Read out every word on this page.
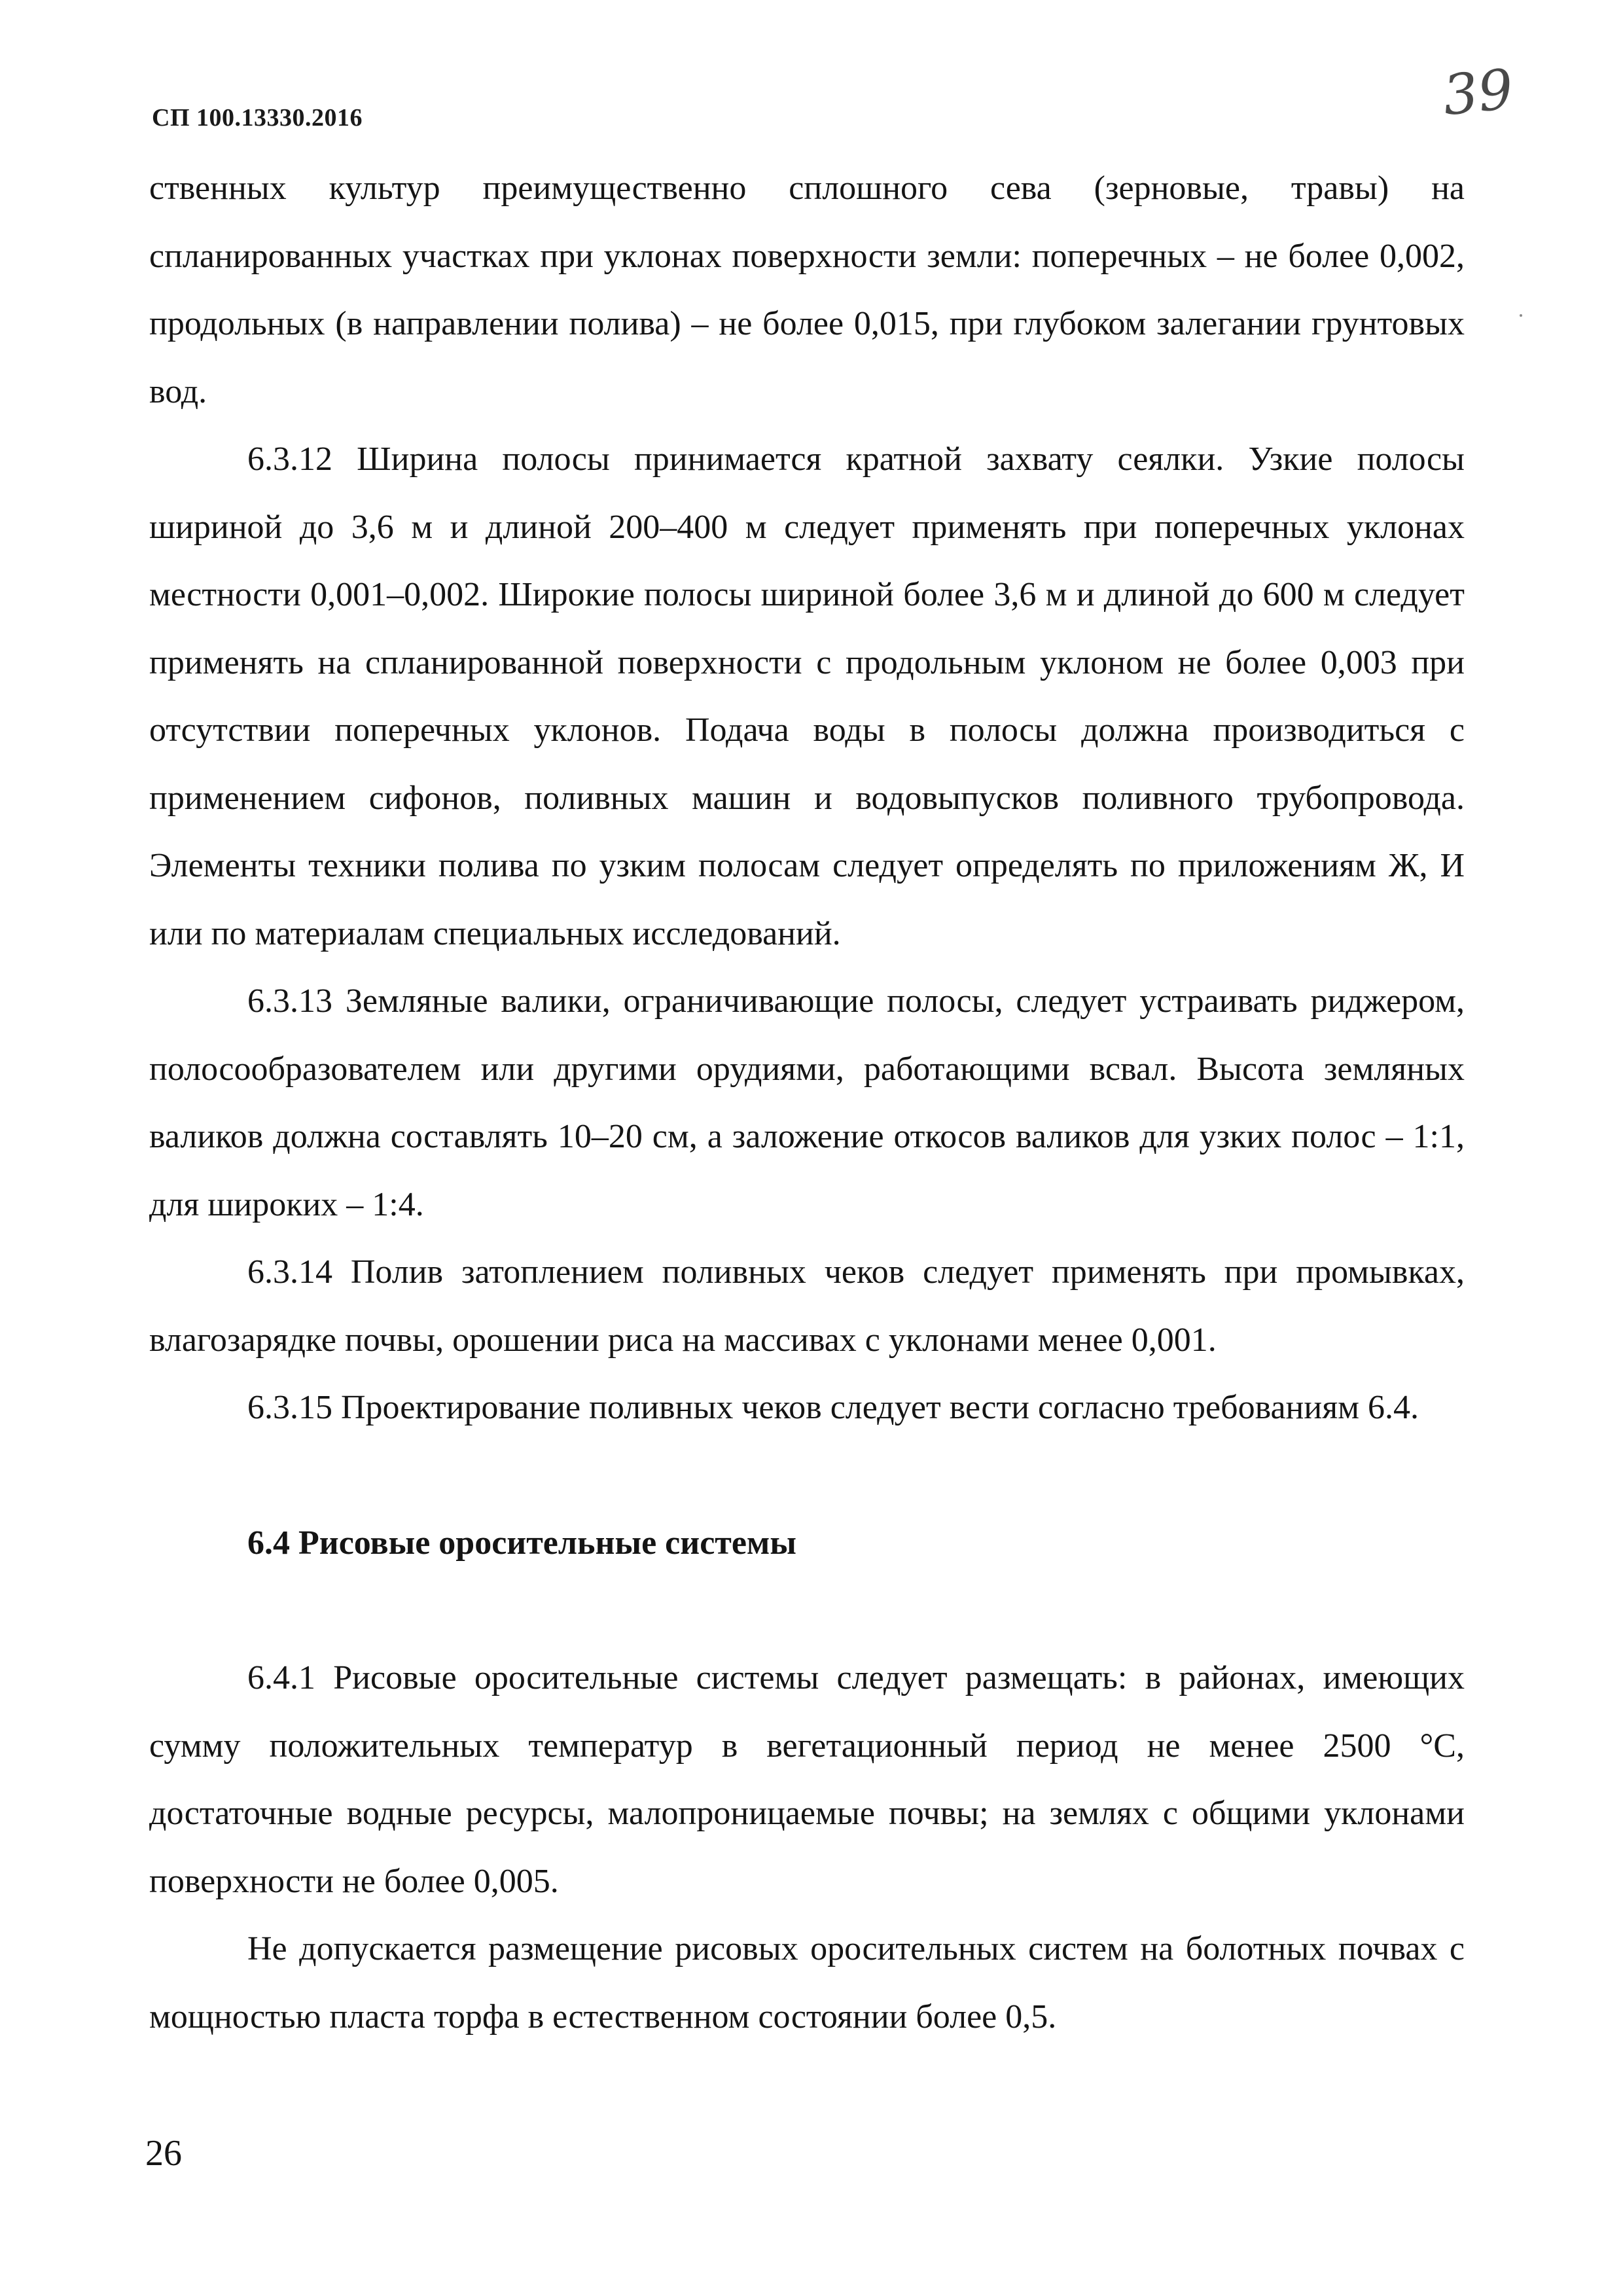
СП 100.13330.2016	39

ственных культур преимущественно сплошного сева (зерновые, травы) на спланированных участках при уклонах поверхности земли: поперечных – не более 0,002, продольных (в направлении полива) – не более 0,015, при глубоком залегании грунтовых вод.

6.3.12 Ширина полосы принимается кратной захвату сеялки. Узкие полосы шириной до 3,6 м и длиной 200–400 м следует применять при поперечных уклонах местности 0,001–0,002. Широкие полосы шириной более 3,6 м и длиной до 600 м следует применять на спланированной поверхности с продольным уклоном не более 0,003 при отсутствии поперечных уклонов. Подача воды в полосы должна производиться с применением сифонов, поливных машин и водовыпусков поливного трубопровода. Элементы техники полива по узким полосам следует определять по приложениям Ж, И или по материалам специальных исследований.

6.3.13 Земляные валики, ограничивающие полосы, следует устраивать риджером, полосообразователем или другими орудиями, работающими всвал. Высота земляных валиков должна составлять 10–20 см, а заложение откосов валиков для узких полос – 1:1, для широких – 1:4.

6.3.14 Полив затоплением поливных чеков следует применять при промывках, влагозарядке почвы, орошении риса на массивах с уклонами менее 0,001.

6.3.15 Проектирование поливных чеков следует вести согласно требованиям 6.4.

6.4 Рисовые оросительные системы

6.4.1 Рисовые оросительные системы следует размещать: в районах, имеющих сумму положительных температур в вегетационный период не менее 2500 °С, достаточные водные ресурсы, малопроницаемые почвы; на землях с общими уклонами поверхности не более 0,005.

Не допускается размещение рисовых оросительных систем на болотных почвах с мощностью пласта торфа в естественном состоянии более 0,5.

26
